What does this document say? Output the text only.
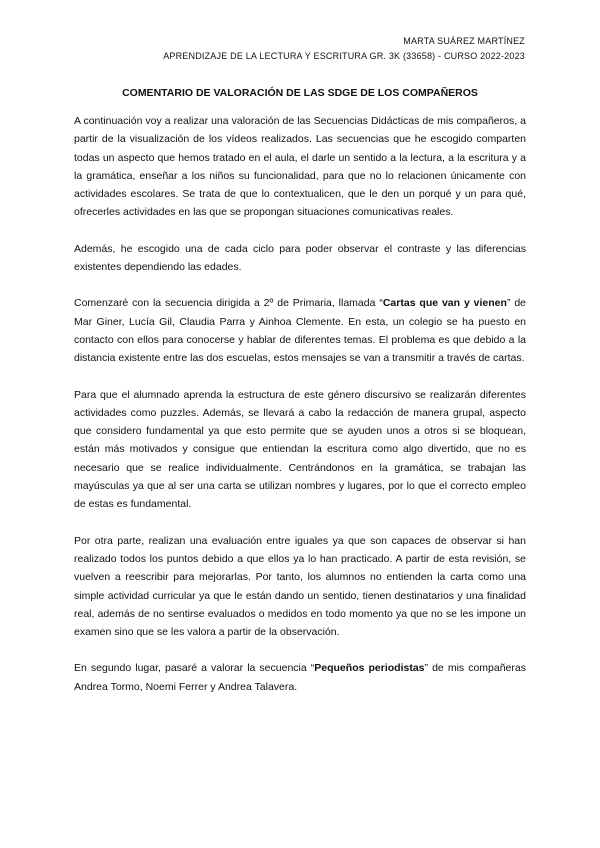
MARTA SUÁREZ MARTÍNEZ
APRENDIZAJE DE LA LECTURA Y ESCRITURA GR. 3K (33658) - CURSO 2022-2023
COMENTARIO DE VALORACIÓN DE LAS SDGE DE LOS COMPAÑEROS

A continuación voy a realizar una valoración de las Secuencias Didácticas de mis compañeros, a partir de la visualización de los vídeos realizados. Las secuencias que he escogido comparten todas un aspecto que hemos tratado en el aula, el darle un sentido a la lectura, a la escritura y a la gramática, enseñar a los niños su funcionalidad, para que no lo relacionen únicamente con actividades escolares. Se trata de que lo contextualicen, que le den un porqué y un para qué, ofrecerles actividades en las que se propongan situaciones comunicativas reales.

Además, he escogido una de cada ciclo para poder observar el contraste y las diferencias existentes dependiendo las edades.

Comenzaré con la secuencia dirigida a 2º de Primaria, llamada “Cartas que van y vienen” de Mar Giner, Lucía Gil, Claudia Parra y Ainhoa Clemente. En esta, un colegio se ha puesto en contacto con ellos para conocerse y hablar de diferentes temas. El problema es que debido a la distancia existente entre las dos escuelas, estos mensajes se van a transmitir a través de cartas.

Para que el alumnado aprenda la estructura de este género discursivo se realizarán diferentes actividades como puzzles. Además, se llevará a cabo la redacción de manera grupal, aspecto que considero fundamental ya que esto permite que se ayuden unos a otros si se bloquean, están más motivados y consigue que entiendan la escritura como algo divertido, que no es necesario que se realice individualmente. Centrándonos en la gramática, se trabajan las mayúsculas ya que al ser una carta se utilizan nombres y lugares, por lo que el correcto empleo de estas es fundamental.

Por otra parte, realizan una evaluación entre iguales ya que son capaces de observar si han realizado todos los puntos debido a que ellos ya lo han practicado. A partir de esta revisión, se vuelven a reescribir para mejorarlas. Por tanto, los alumnos no entienden la carta como una simple actividad curricular ya que le están dando un sentido, tienen destinatarios y una finalidad real, además de no sentirse evaluados o medidos en todo momento ya que no se les impone un examen sino que se les valora a partir de la observación.

En segundo lugar, pasaré a valorar la secuencia “Pequeños periodistas” de mis compañeras Andrea Tormo, Noemi Ferrer y Andrea Talavera.
